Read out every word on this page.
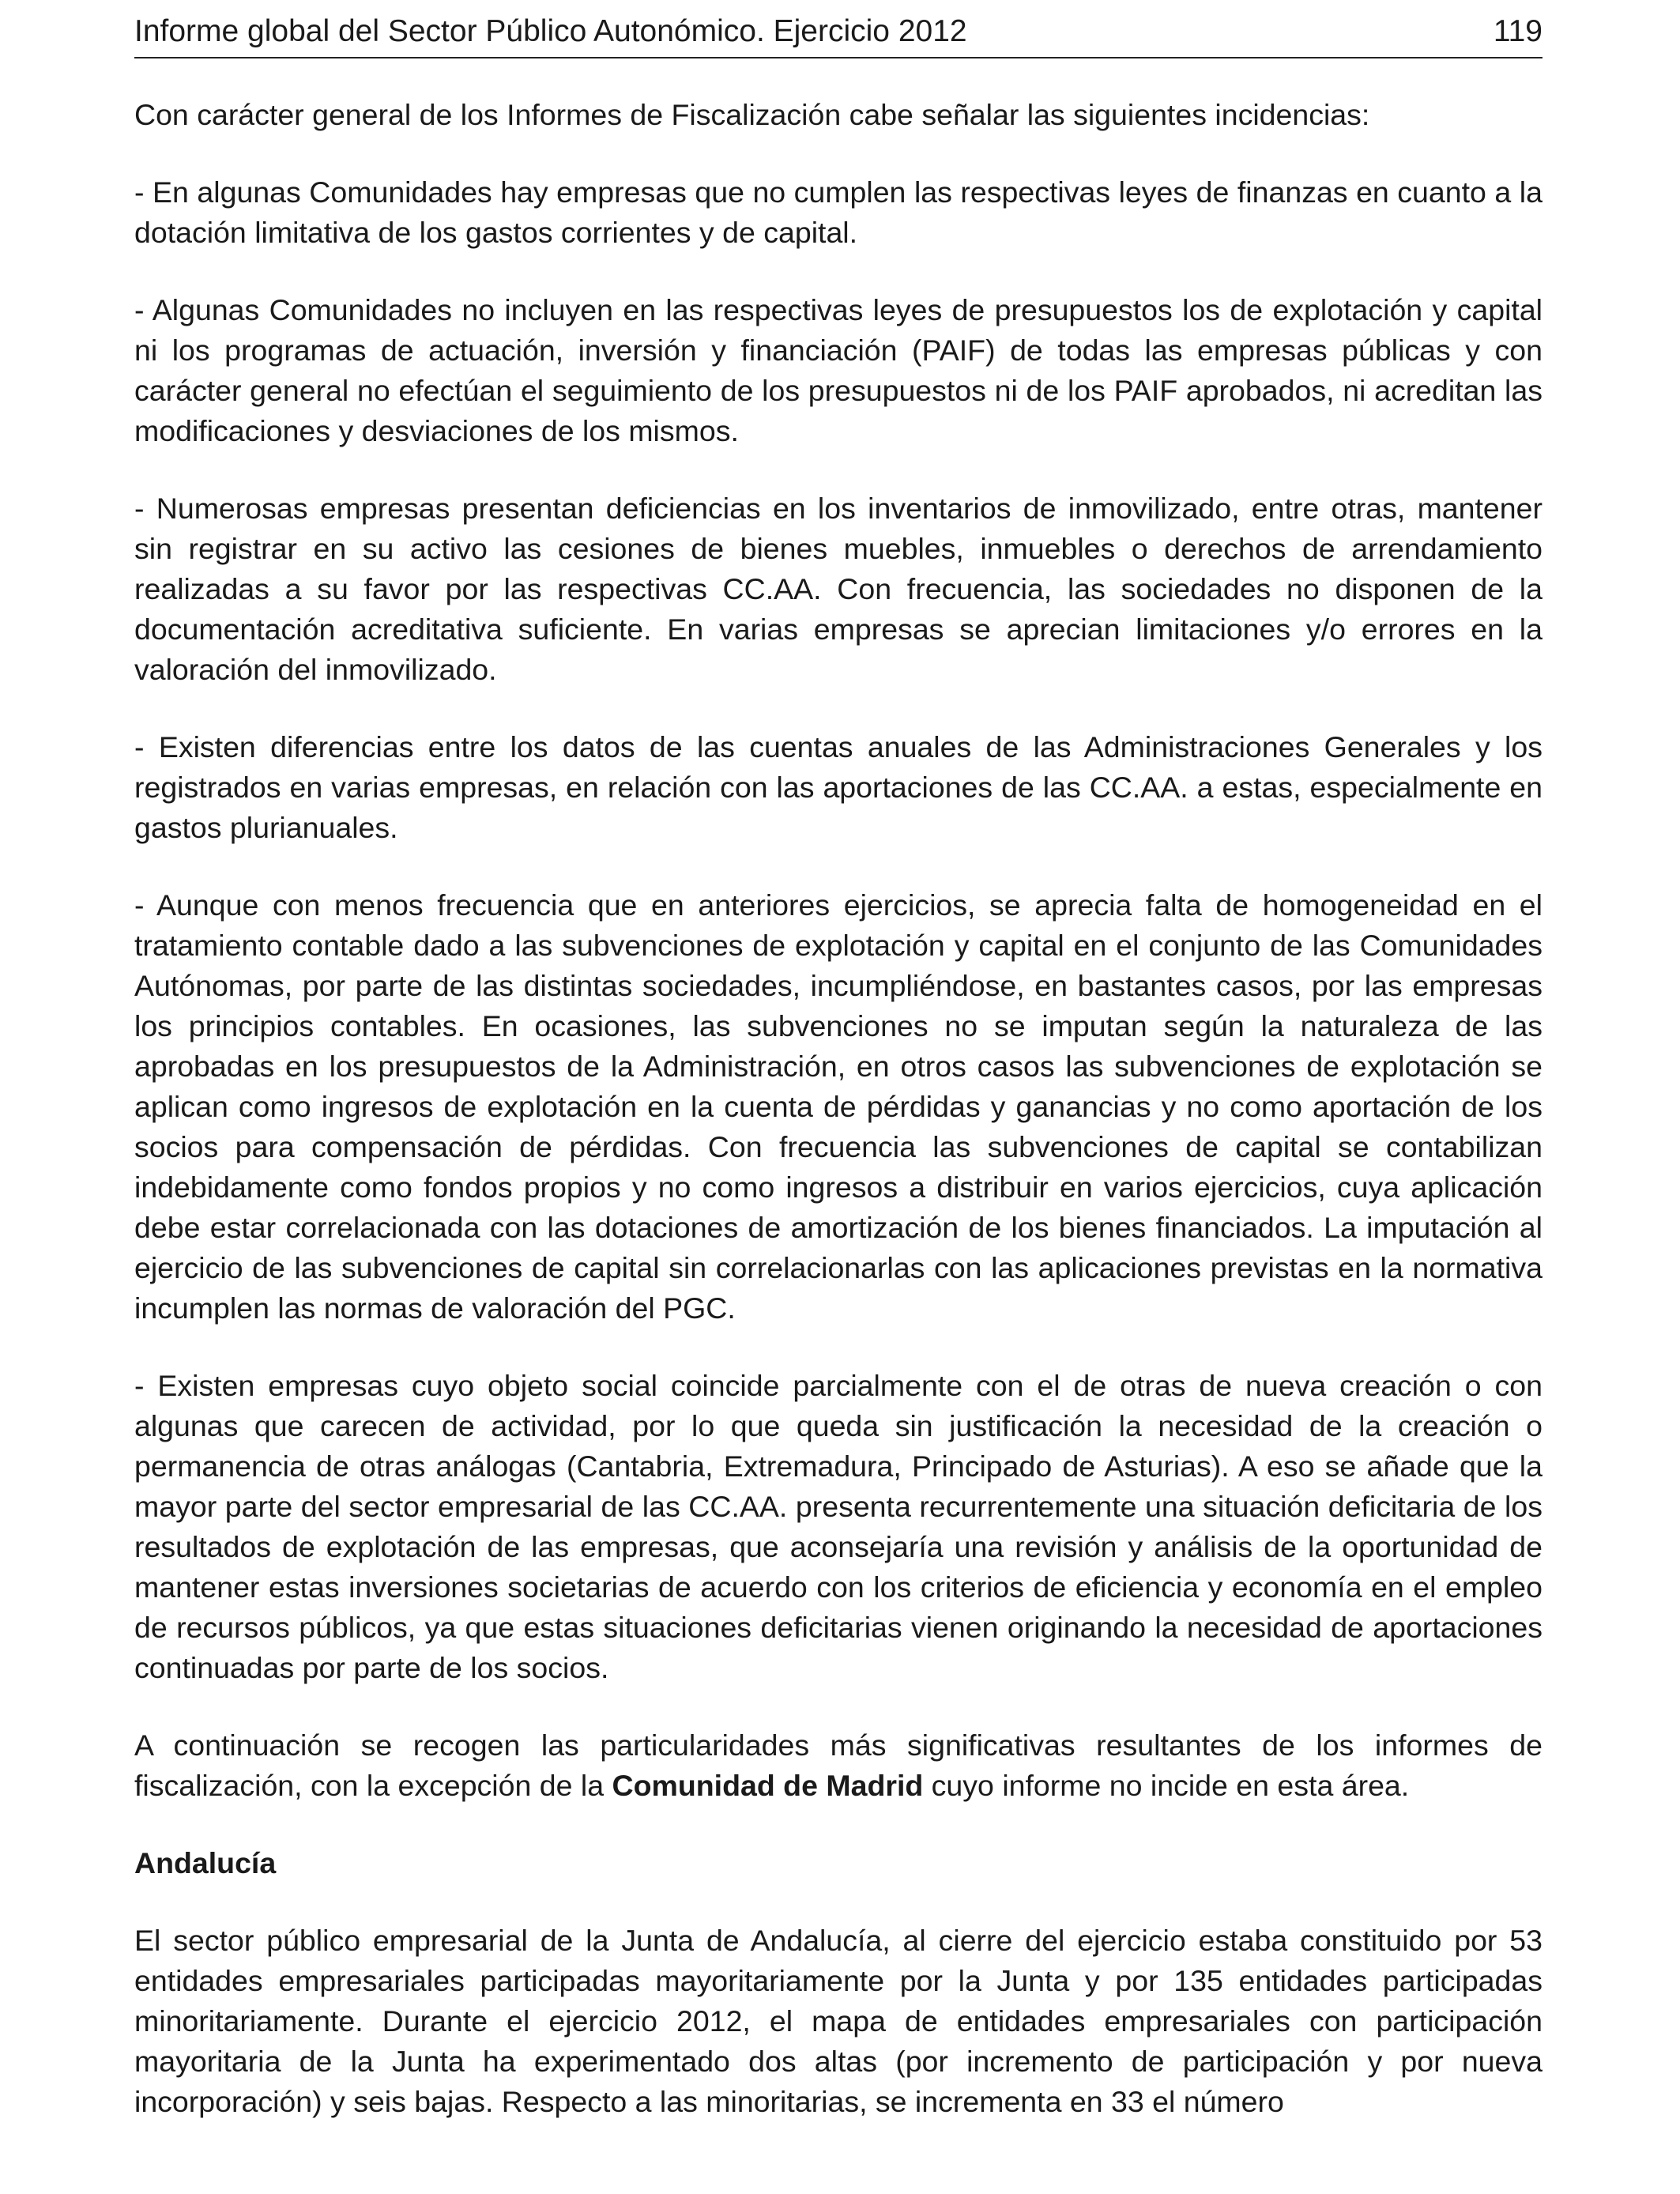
Informe global del Sector Público Autonómico. Ejercicio 2012	119

Con carácter general de los Informes de Fiscalización cabe señalar las siguientes incidencias:

- En algunas Comunidades hay empresas que no cumplen las respectivas leyes de finanzas en cuanto a la dotación limitativa de los gastos corrientes y de capital.

- Algunas Comunidades no incluyen en las respectivas leyes de presupuestos los de explotación y capital ni los programas de actuación, inversión y financiación (PAIF) de todas las empresas públicas y con carácter general no efectúan el seguimiento de los presupuestos ni de los PAIF aprobados, ni acreditan las modificaciones y desviaciones de los mismos.

- Numerosas empresas presentan deficiencias en los inventarios de inmovilizado, entre otras, mantener sin registrar en su activo las cesiones de bienes muebles, inmuebles o derechos de arrendamiento realizadas a su favor por las respectivas CC.AA. Con frecuencia, las sociedades no disponen de la documentación acreditativa suficiente. En varias empresas se aprecian limitaciones y/o errores en la valoración del inmovilizado.

- Existen diferencias entre los datos de las cuentas anuales de las Administraciones Generales y los registrados en varias empresas, en relación con las aportaciones de las CC.AA. a estas, especialmente en gastos plurianuales.

- Aunque con menos frecuencia que en anteriores ejercicios, se aprecia falta de homogeneidad en el tratamiento contable dado a las subvenciones de explotación y capital en el conjunto de las Comunidades Autónomas, por parte de las distintas sociedades, incumpliéndose, en bastantes casos, por las empresas los principios contables. En ocasiones, las subvenciones no se imputan según la naturaleza de las aprobadas en los presupuestos de la Administración, en otros casos las subvenciones de explotación se aplican como ingresos de explotación en la cuenta de pérdidas y ganancias y no como aportación de los socios para compensación de pérdidas. Con frecuencia las subvenciones de capital se contabilizan indebidamente como fondos propios y no como ingresos a distribuir en varios ejercicios, cuya aplicación debe estar correlacionada con las dotaciones de amortización de los bienes financiados. La imputación al ejercicio de las subvenciones de capital sin correlacionarlas con las aplicaciones previstas en la normativa incumplen las normas de valoración del PGC.

- Existen empresas cuyo objeto social coincide parcialmente con el de otras de nueva creación o con algunas que carecen de actividad, por lo que queda sin justificación la necesidad de la creación o permanencia de otras análogas (Cantabria, Extremadura, Principado de Asturias). A eso se añade que la mayor parte del sector empresarial de las CC.AA. presenta recurrentemente una situación deficitaria de los resultados de explotación de las empresas, que aconsejaría una revisión y análisis de la oportunidad de mantener estas inversiones societarias de acuerdo con los criterios de eficiencia y economía en el empleo de recursos públicos, ya que estas situaciones deficitarias vienen originando la necesidad de aportaciones continuadas por parte de los socios.

A continuación se recogen las particularidades más significativas resultantes de los informes de fiscalización, con la excepción de la Comunidad de Madrid cuyo informe no incide en esta área.

Andalucía

El sector público empresarial de la Junta de Andalucía, al cierre del ejercicio estaba constituido por 53 entidades empresariales participadas mayoritariamente por la Junta y por 135 entidades participadas minoritariamente. Durante el ejercicio 2012, el mapa de entidades empresariales con participación mayoritaria de la Junta ha experimentado dos altas (por incremento de participación y por nueva incorporación) y seis bajas. Respecto a las minoritarias, se incrementa en 33 el número
